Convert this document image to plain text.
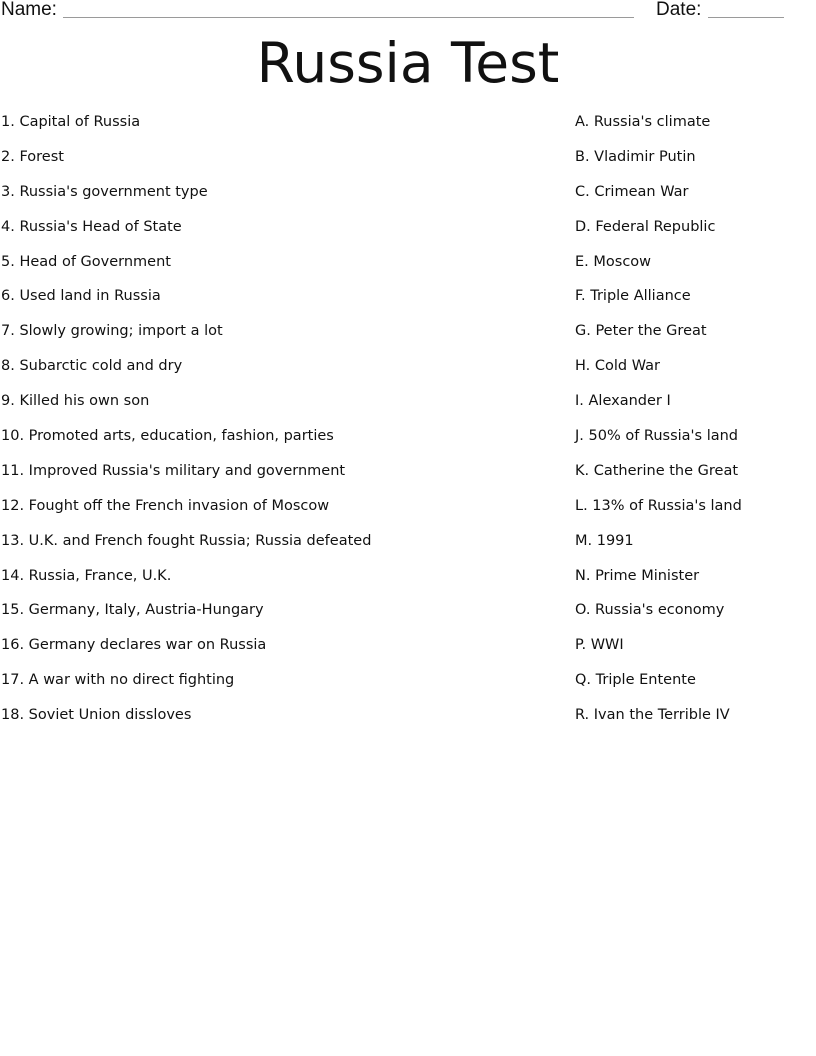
Name:	Date:
Russia Test
1. Capital of Russia
2. Forest
3. Russia's government type
4. Russia's Head of State
5. Head of Government
6. Used land in Russia
7. Slowly growing; import a lot
8. Subarctic cold and dry
9. Killed his own son
10. Promoted arts, education, fashion, parties
11. Improved Russia's military and government
12. Fought off the French invasion of Moscow
13. U.K. and French fought Russia; Russia defeated
14. Russia, France, U.K.
15. Germany, Italy, Austria-Hungary
16. Germany declares war on Russia
17. A war with no direct fighting
18. Soviet Union dissloves
A. Russia's climate
B. Vladimir Putin
C. Crimean War
D. Federal Republic
E. Moscow
F. Triple Alliance
G. Peter the Great
H. Cold War
I. Alexander I
J. 50% of Russia's land
K. Catherine the Great
L. 13% of Russia's land
M. 1991
N. Prime Minister
O. Russia's economy
P. WWI
Q. Triple Entente
R. Ivan the Terrible IV
